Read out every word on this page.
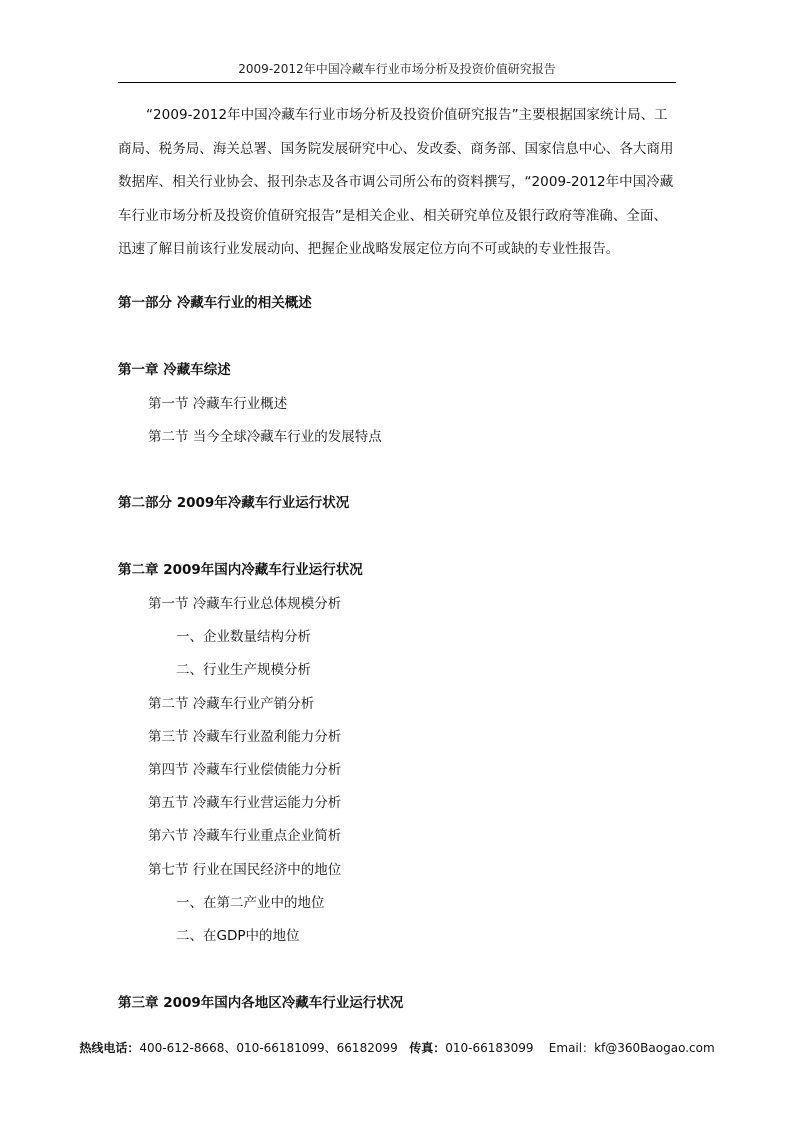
2009-2012年中国冷藏车行业市场分析及投资价值研究报告

“2009-2012年中国冷藏车行业市场分析及投资价值研究报告”主要根据国家统计局、工商局、税务局、海关总署、国务院发展研究中心、发改委、商务部、国家信息中心、各大商用数据库、相关行业协会、报刊杂志及各市调公司所公布的资料撰写，“2009-2012年中国冷藏车行业市场分析及投资价值研究报告”是相关企业、相关研究单位及银行政府等准确、全面、迅速了解目前该行业发展动向、把握企业战略发展定位方向不可或缺的专业性报告。

第一部分 冷藏车行业的相关概述
第一章 冷藏车综述
第一节 冷藏车行业概述
第二节 当今全球冷藏车行业的发展特点
第二部分 2009年冷藏车行业运行状况
第二章 2009年国内冷藏车行业运行状况
第一节 冷藏车行业总体规模分析
一、企业数量结构分析
二、行业生产规模分析
第二节 冷藏车行业产销分析
第三节 冷藏车行业盈利能力分析
第四节 冷藏车行业偿债能力分析
第五节 冷藏车行业营运能力分析
第六节 冷藏车行业重点企业简析
第七节 行业在国民经济中的地位
一、在第二产业中的地位
二、在GDP中的地位
第三章 2009年国内各地区冷藏车行业运行状况
热线电话：400-612-8668、010-66181099、66182099 传真：010-66183099 Email：kf@360Baogao.com
